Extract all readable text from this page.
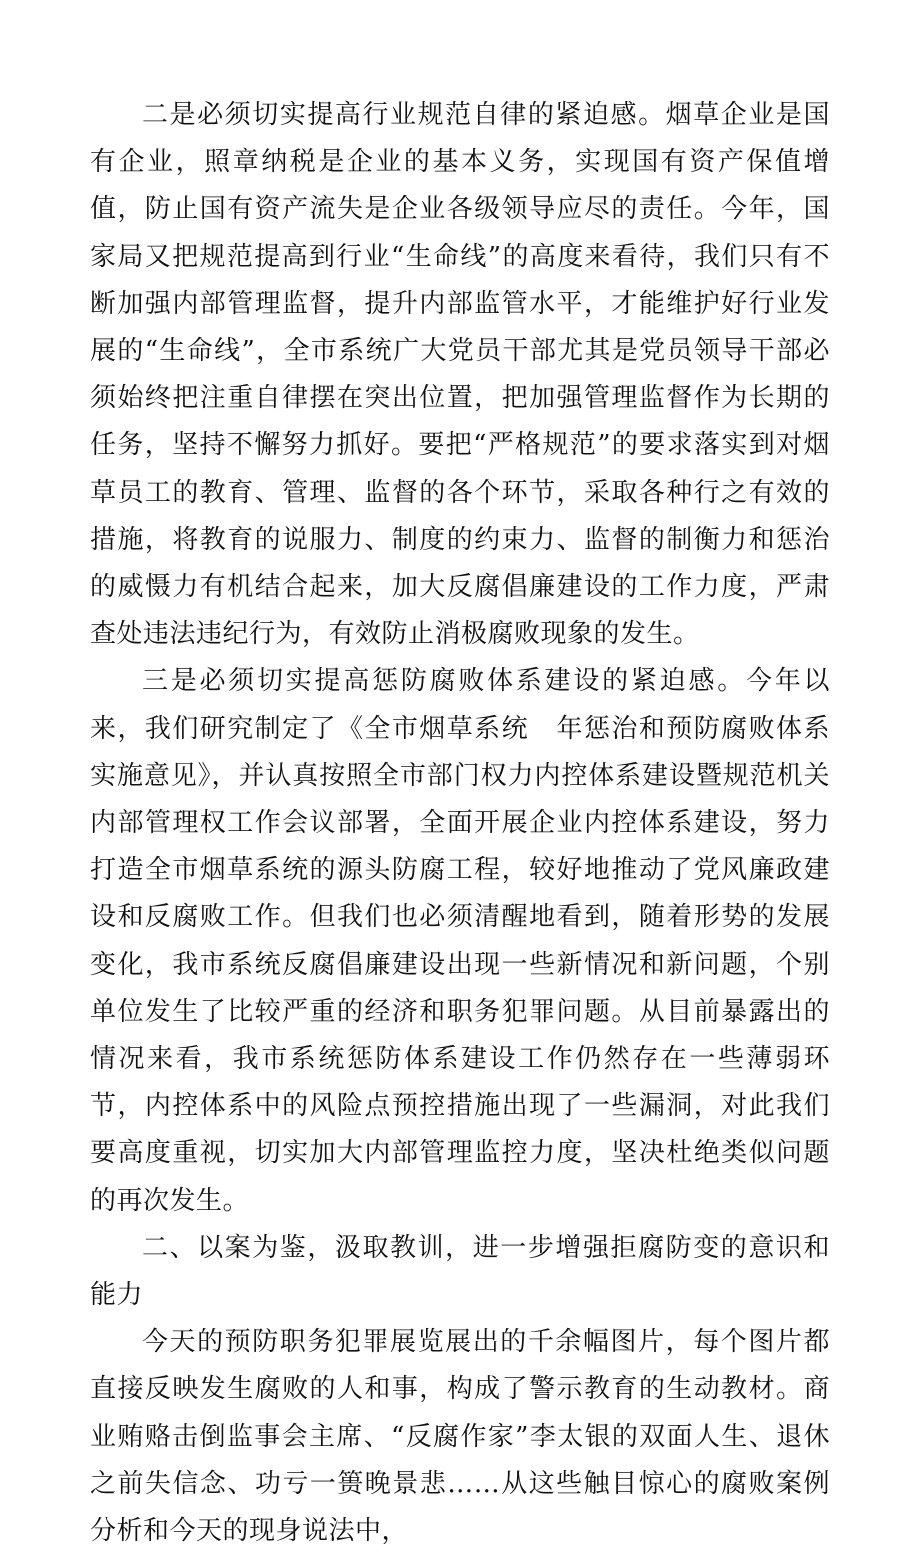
二是必须切实提高行业规范自律的紧迫感。烟草企业是国有企业，照章纳税是企业的基本义务，实现国有资产保值增值，防止国有资产流失是企业各级领导应尽的责任。今年，国家局又把规范提高到行业“生命线”的高度来看待，我们只有不断加强内部管理监督，提升内部监管水平，才能维护好行业发展的“生命线”，全市系统广大党员干部尤其是党员领导干部必须始终把注重自律摆在突出位置，把加强管理监督作为长期的任务，坚持不懈努力抓好。要把“严格规范”的要求落实到对烟草员工的教育、管理、监督的各个环节，采取各种行之有效的措施，将教育的说服力、制度的约束力、监督的制衡力和惩治的威慑力有机结合起来，加大反腐倡廉建设的工作力度，严肃查处违法违纪行为，有效防止消极腐败现象的发生。

三是必须切实提高惩防腐败体系建设的紧迫感。今年以来，我们研究制定了《全市烟草系统　年惩治和预防腐败体系实施意见》，并认真按照全市部门权力内控体系建设暨规范机关内部管理权工作会议部署，全面开展企业内控体系建设，努力打造全市烟草系统的源头防腐工程，较好地推动了党风廉政建设和反腐败工作。但我们也必须清醒地看到，随着形势的发展变化，我市系统反腐倡廉建设出现一些新情况和新问题，个别单位发生了比较严重的经济和职务犯罪问题。从目前暴露出的情况来看，我市系统惩防体系建设工作仍然存在一些薄弱环节，内控体系中的风险点预控措施出现了一些漏洞，对此我们要高度重视，切实加大内部管理监控力度，坚决杜绝类似问题的再次发生。

二、以案为鉴，汲取教训，进一步增强拒腐防变的意识和能力

今天的预防职务犯罪展览展出的千余幅图片，每个图片都直接反映发生腐败的人和事，构成了警示教育的生动教材。商业贿赂击倒监事会主席、“反腐作家”李太银的双面人生、退休之前失信念、功亏一篑晚景悲……从这些触目惊心的腐败案例分析和今天的现身说法中，
